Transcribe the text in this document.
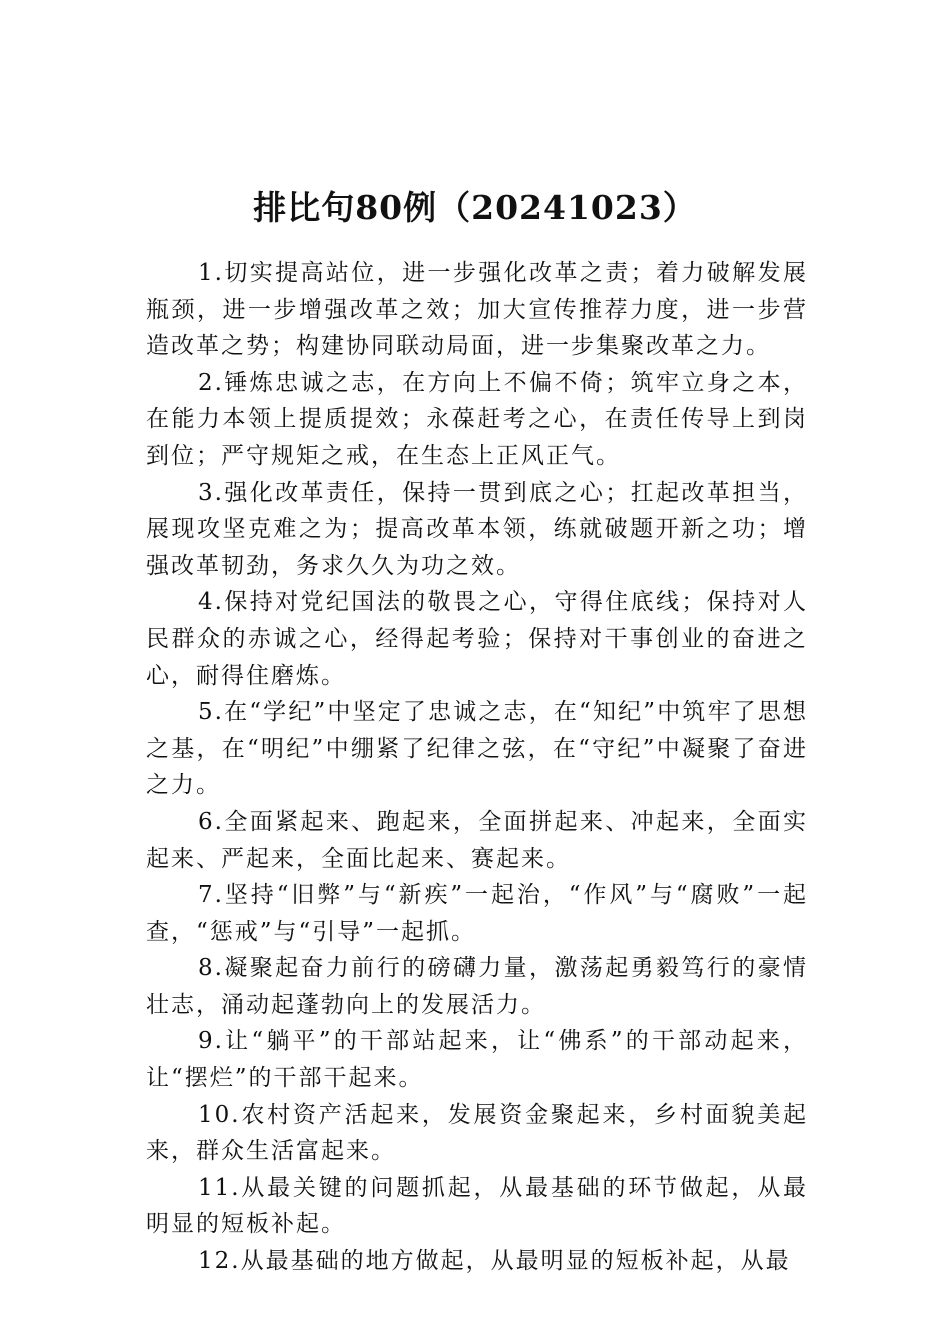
排比句80例（20241023）

1.切实提高站位，进一步强化改革之责；着力破解发展瓶颈，进一步增强改革之效；加大宣传推荐力度，进一步营造改革之势；构建协同联动局面，进一步集聚改革之力。

2.锤炼忠诚之志，在方向上不偏不倚；筑牢立身之本，在能力本领上提质提效；永葆赶考之心，在责任传导上到岗到位；严守规矩之戒，在生态上正风正气。

3.强化改革责任，保持一贯到底之心；扛起改革担当，展现攻坚克难之为；提高改革本领，练就破题开新之功；增强改革韧劲，务求久久为功之效。

4.保持对党纪国法的敬畏之心，守得住底线；保持对人民群众的赤诚之心，经得起考验；保持对干事创业的奋进之心，耐得住磨炼。

5.在“学纪”中坚定了忠诚之志，在“知纪”中筑牢了思想之基，在“明纪”中绷紧了纪律之弦，在“守纪”中凝聚了奋进之力。

6.全面紧起来、跑起来，全面拼起来、冲起来，全面实起来、严起来，全面比起来、赛起来。

7.坚持“旧弊”与“新疾”一起治，“作风”与“腐败”一起查，“惩戒”与“引导”一起抓。

8.凝聚起奋力前行的磅礴力量，激荡起勇毅笃行的豪情壮志，涌动起蓬勃向上的发展活力。

9.让“躺平”的干部站起来，让“佛系”的干部动起来，让“摆烂”的干部干起来。

10.农村资产活起来，发展资金聚起来，乡村面貌美起来，群众生活富起来。

11.从最关键的问题抓起，从最基础的环节做起，从最明显的短板补起。

12.从最基础的地方做起，从最明显的短板补起，从最
